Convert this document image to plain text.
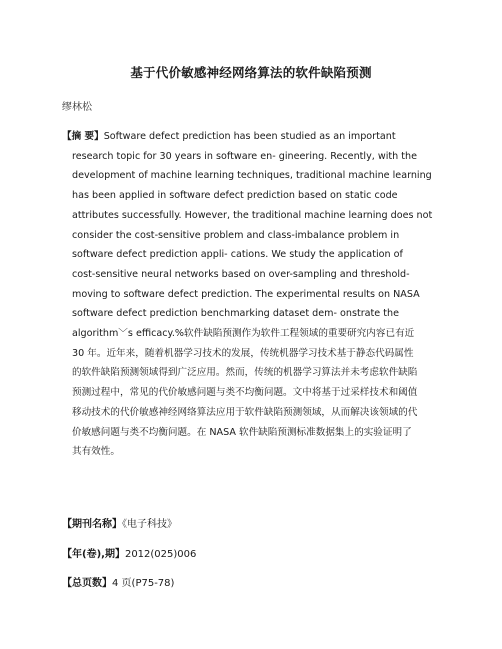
基于代价敏感神经网络算法的软件缺陷预测
缪林松
【摘 要】Software defect prediction has been studied as an important
research topic for 30 years in software en- gineering. Recently, with the
development of machine learning techniques, traditional machine learning
has been applied in software defect prediction based on static code
attributes successfully. However, the traditional machine learning does not
consider the cost-sensitive problem and class-imbalance problem in
software defect prediction appli- cations. We study the application of
cost-sensitive neural networks based on over-sampling and threshold-
moving to software defect prediction. The experimental results on NASA
software defect prediction benchmarking dataset dem- onstrate the
algorithm﹀s efficacy.%软件缺陷预测作为软件工程领域的重要研究内容已有近
30 年。近年来，随着机器学习技术的发展，传统机器学习技术基于静态代码属性
的软件缺陷预测领域得到广泛应用。然而，传统的机器学习算法并未考虑软件缺陷
预测过程中，常见的代价敏感问题与类不均衡问题。文中将基于过采样技术和阈值
移动技术的代价敏感神经网络算法应用于软件缺陷预测领域，从而解决该领域的代
价敏感问题与类不均衡问题。在 NASA 软件缺陷预测标准数据集上的实验证明了
其有效性。
【期刊名称】《电子科技》
【年(卷),期】2012(025)006
【总页数】4 页(P75-78)
